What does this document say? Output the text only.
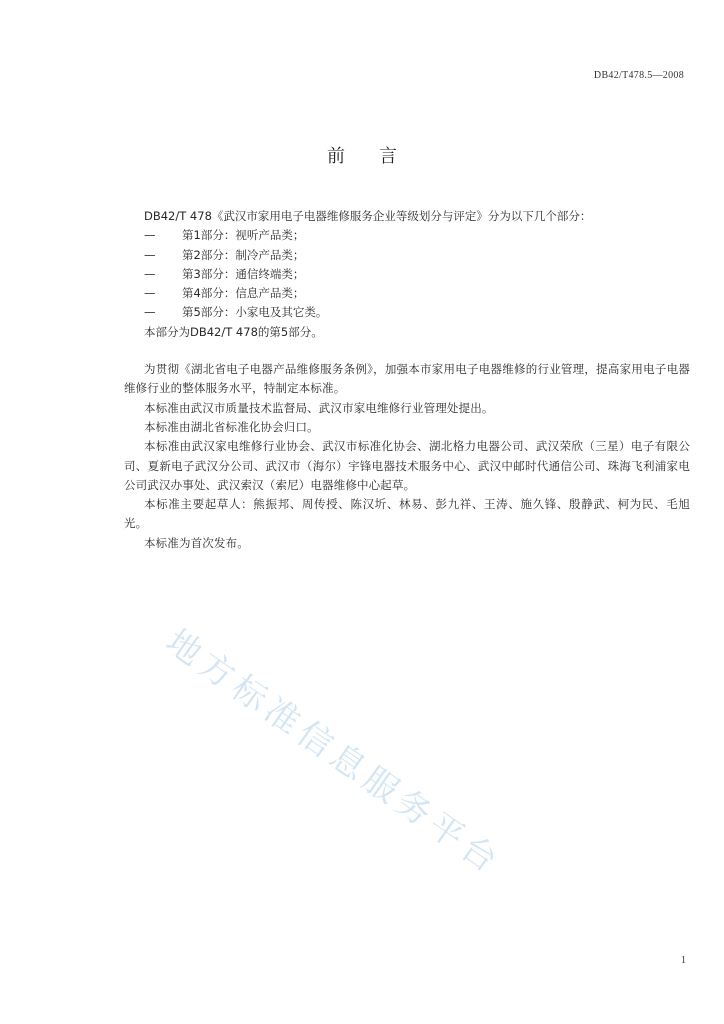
DB42/T478.5—2008
前言
DB42/T 478《武汉市家用电子电器维修服务企业等级划分与评定》分为以下几个部分：
— 第1部分：视听产品类；
— 第2部分：制冷产品类；
— 第3部分：通信终端类；
— 第4部分：信息产品类；
— 第5部分：小家电及其它类。
本部分为DB42/T 478的第5部分。

为贯彻《湖北省电子电器产品维修服务条例》，加强本市家用电子电器维修的行业管理，提高家用电子电器维修行业的整体服务水平，特制定本标准。

本标准由武汉市质量技术监督局、武汉市家电维修行业管理处提出。

本标准由湖北省标准化协会归口。

本标准由武汉家电维修行业协会、武汉市标准化协会、湖北格力电器公司、武汉荣欣（三星）电子有限公司、夏新电子武汉分公司、武汉市（海尔）宇锋电器技术服务中心、武汉中邮时代通信公司、珠海飞利浦家电公司武汉办事处、武汉索汉（索尼）电器维修中心起草。

本标准主要起草人：熊振邦、周传授、陈汉圻、林易、彭九祥、王涛、施久锋、殷静武、柯为民、毛旭光。

本标准为首次发布。

地方标准信息服务平台
1
